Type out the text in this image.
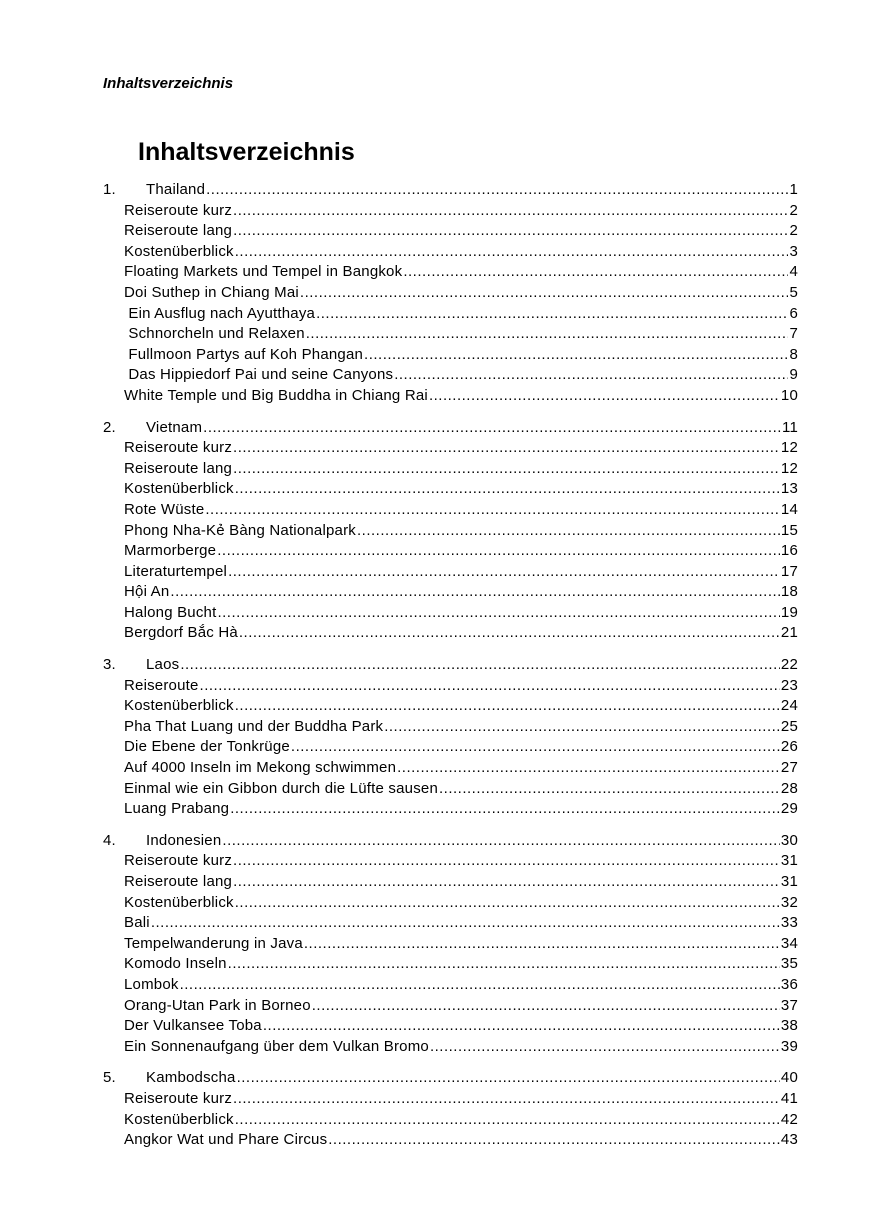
Inhaltsverzeichnis
Inhaltsverzeichnis
1.	Thailand .....	1
Reiseroute kurz .....	2
Reiseroute lang .....	2
Kostenüberblick .....	3
Floating Markets und Tempel in Bangkok .....	4
Doi Suthep in Chiang Mai .....	5
Ein Ausflug nach Ayutthaya .....	6
Schnorcheln und Relaxen .....	7
Fullmoon Partys auf Koh Phangan .....	8
Das Hippiedorf Pai und seine Canyons .....	9
White Temple und Big Buddha in Chiang Rai .....	10
2.	Vietnam .....	11
Reiseroute kurz .....	12
Reiseroute lang .....	12
Kostenüberblick .....	13
Rote Wüste .....	14
Phong Nha-Kẻ Bàng Nationalpark .....	15
Marmorberge .....	16
Literaturtempel .....	17
Hội An .....	18
Halong Bucht .....	19
Bergdorf Bắc Hà .....	21
3.	Laos .....	22
Reiseroute .....	23
Kostenüberblick .....	24
Pha That Luang und der Buddha Park .....	25
Die Ebene der Tonkrüge .....	26
Auf 4000 Inseln im Mekong schwimmen .....	27
Einmal wie ein Gibbon durch die Lüfte sausen .....	28
Luang Prabang .....	29
4.	Indonesien .....	30
Reiseroute kurz .....	31
Reiseroute lang .....	31
Kostenüberblick .....	32
Bali .....	33
Tempelwanderung in Java .....	34
Komodo Inseln .....	35
Lombok .....	36
Orang-Utan Park in Borneo .....	37
Der Vulkansee Toba .....	38
Ein Sonnenaufgang über dem Vulkan Bromo .....	39
5.	Kambodscha .....	40
Reiseroute kurz .....	41
Kostenüberblick .....	42
Angkor Wat und Phare Circus .....	43
